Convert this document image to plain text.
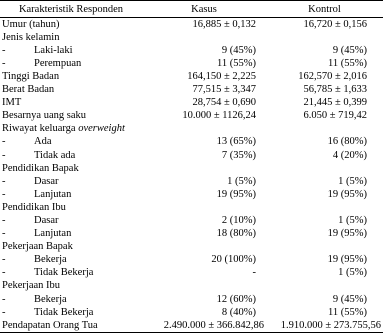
Karakteristik Responden	Kasus	Kontrol
Umur (tahun)	16,885 ± 0,132	16,720 ± 0,156
Jenis kelamin		
- Laki-laki	9 (45%)	9 (45%)
- Perempuan	11 (55%)	11 (55%)
Tinggi Badan	164,150 ± 2,225	162,570 ± 2,016
Berat Badan	77,515 ± 3,347	56,785 ± 1,633
IMT	28,754 ± 0,690	21,445 ± 0,399
Besarnya uang saku	10.000 ± 1126,24	6.050 ± 719,42
Riwayat keluarga overweight		
- Ada	13 (65%)	16 (80%)
- Tidak ada	7 (35%)	4 (20%)
Pendidikan Bapak		
- Dasar	1 (5%)	1 (5%)
- Lanjutan	19 (95%)	19 (95%)
Pendidikan Ibu		
- Dasar	2 (10%)	1 (5%)
- Lanjutan	18 (80%)	19 (95%)
Pekerjaan Bapak		
- Bekerja	20 (100%)	19 (95%)
- Tidak Bekerja	-	1 (5%)
Pekerjaan Ibu		
- Bekerja	12 (60%)	9 (45%)
- Tidak Bekerja	8 (40%)	11 (55%)
Pendapatan Orang Tua	2.490.000 ± 366.842,86	1.910.000 ± 273.755,56
